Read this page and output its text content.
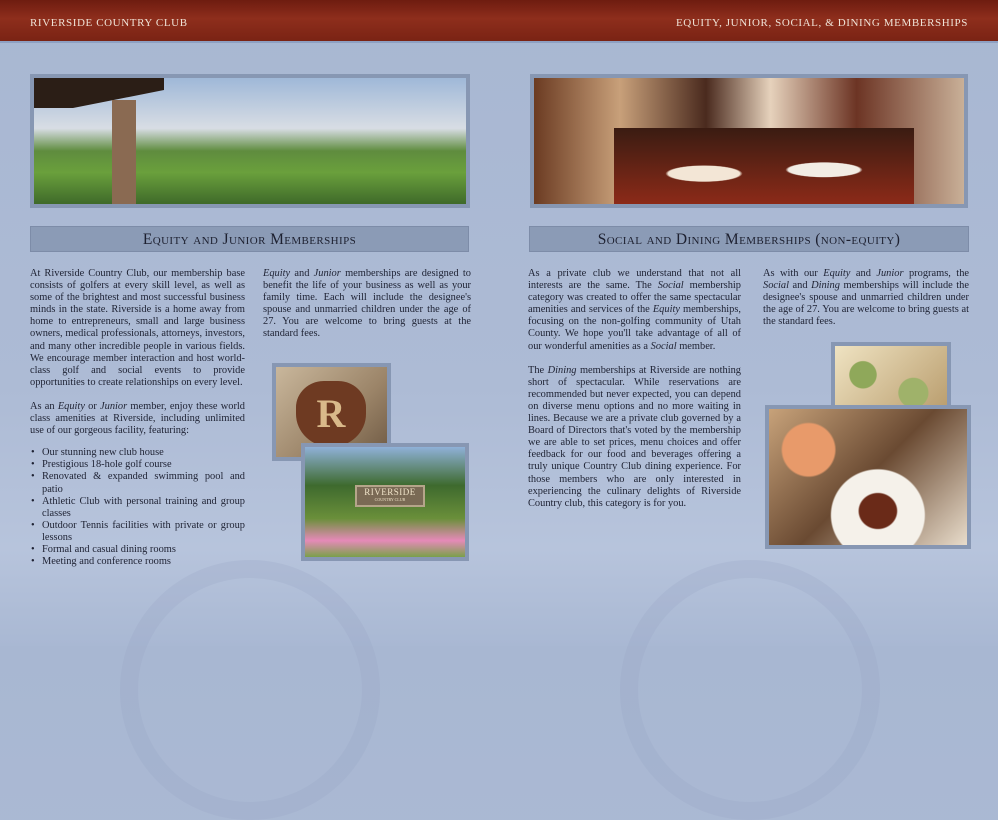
RIVERSIDE COUNTRY CLUB	EQUITY, JUNIOR, SOCIAL, & DINING MEMBERSHIPS
Equity and Junior Memberships

At Riverside Country Club, our membership base consists of golfers at every skill level, as well as some of the brightest and most successful business minds in the state. Riverside is a home away from home to entrepreneurs, small and large business owners, medical professionals, attorneys, investors, and many other incredible people in various fields. We encourage member interaction and host world-class golf and social events to provide opportunities to create relationships on every level.

As an Equity or Junior member, enjoy these world class amenities at Riverside, including unlimited use of our gorgeous facility, featuring:

• Our stunning new club house
• Prestigious 18-hole golf course
• Renovated & expanded swimming pool and patio
• Athletic Club with personal training and group classes
• Outdoor Tennis facilities with private or group lessons
• Formal and casual dining rooms
• Meeting and conference rooms

Equity and Junior memberships are designed to benefit the life of your business as well as your family time. Each will include the designee's spouse and unmarried children under the age of 27. You are welcome to bring guests at the standard fees.

R
RIVERSIDE
COUNTRY CLUB
Social and Dining Memberships (non-equity)

As a private club we understand that not all interests are the same. The Social membership category was created to offer the same spectacular amenities and services of the Equity memberships, focusing on the non-golfing community of Utah County. We hope you'll take advantage of all of our wonderful amenities as a Social member.

The Dining memberships at Riverside are nothing short of spectacular. While reservations are recommended but never expected, you can depend on diverse menu options and no more waiting in lines. Because we are a private club governed by a Board of Directors that's voted by the membership we are able to set prices, menu choices and offer feedback for our food and beverages offering a truly unique Country Club dining experience. For those members who are only interested in experiencing the culinary delights of Riverside Country club, this category is for you.

As with our Equity and Junior programs, the Social and Dining memberships will include the designee's spouse and unmarried children under the age of 27. You are welcome to bring guests at the standard fees.
